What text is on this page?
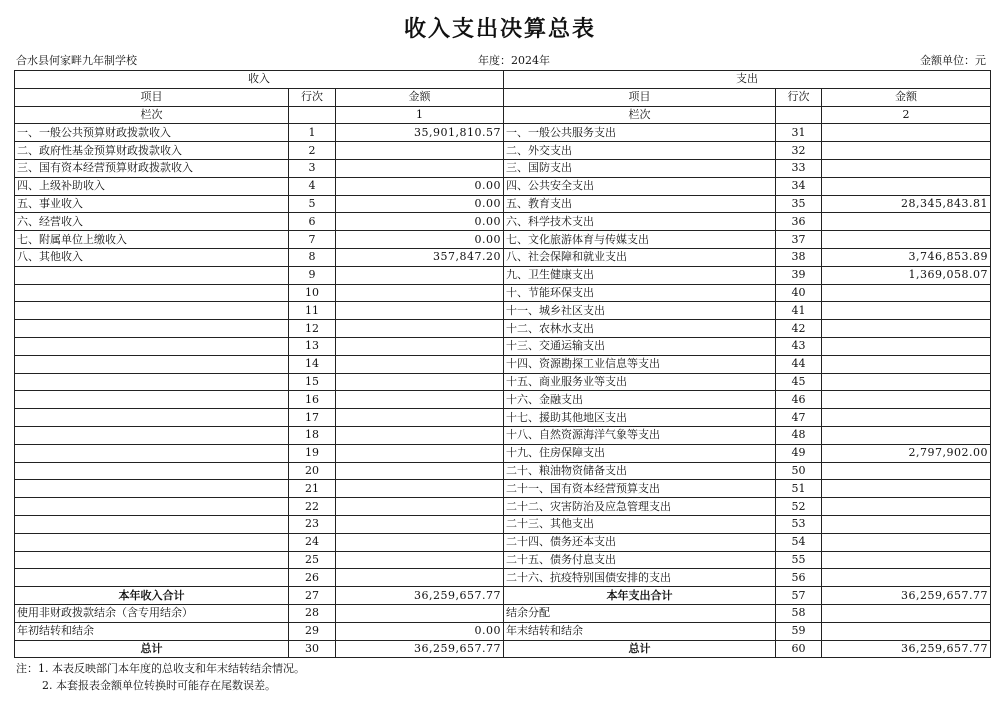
收入支出决算总表
合水县何家畔九年制学校	年度：2024年	金额单位：元
收入			支出		
项目	行次	金额	项目	行次	金额
栏次		1	栏次		2
一、一般公共预算财政拨款收入	1	35,901,810.57	一、一般公共服务支出	31	
二、政府性基金预算财政拨款收入	2		二、外交支出	32	
三、国有资本经营预算财政拨款收入	3		三、国防支出	33	
四、上级补助收入	4	0.00	四、公共安全支出	34	
五、事业收入	5	0.00	五、教育支出	35	28,345,843.81
六、经营收入	6	0.00	六、科学技术支出	36	
七、附属单位上缴收入	7	0.00	七、文化旅游体育与传媒支出	37	
八、其他收入	8	357,847.20	八、社会保障和就业支出	38	3,746,853.89
	9		九、卫生健康支出	39	1,369,058.07
	10		十、节能环保支出	40	
	11		十一、城乡社区支出	41	
	12		十二、农林水支出	42	
	13		十三、交通运输支出	43	
	14		十四、资源勘探工业信息等支出	44	
	15		十五、商业服务业等支出	45	
	16		十六、金融支出	46	
	17		十七、援助其他地区支出	47	
	18		十八、自然资源海洋气象等支出	48	
	19		十九、住房保障支出	49	2,797,902.00
	20		二十、粮油物资储备支出	50	
	21		二十一、国有资本经营预算支出	51	
	22		二十二、灾害防治及应急管理支出	52	
	23		二十三、其他支出	53	
	24		二十四、债务还本支出	54	
	25		二十五、债务付息支出	55	
	26		二十六、抗疫特别国债安排的支出	56	
本年收入合计	27	36,259,657.77	本年支出合计	57	36,259,657.77
使用非财政拨款结余（含专用结余）	28		结余分配	58	
年初结转和结余	29	0.00	年末结转和结余	59	
总计	30	36,259,657.77	总计	60	36,259,657.77
注：1. 本表反映部门本年度的总收支和年末结转结余情况。
2. 本套报表金额单位转换时可能存在尾数误差。
